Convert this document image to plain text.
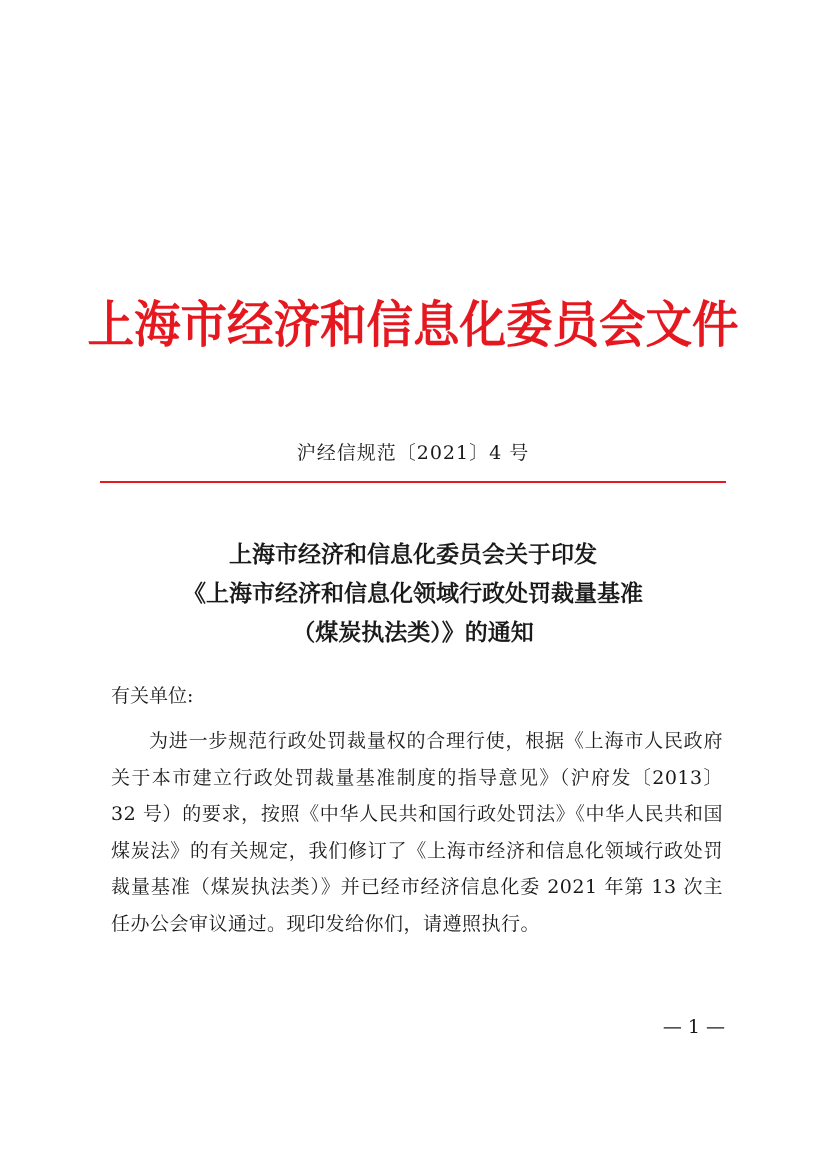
上海市经济和信息化委员会文件
沪经信规范〔2021〕4 号
上海市经济和信息化委员会关于印发
《上海市经济和信息化领域行政处罚裁量基准
（煤炭执法类）》的通知
有关单位:
为进一步规范行政处罚裁量权的合理行使，根据《上海市人民政府关于本市建立行政处罚裁量基准制度的指导意见》（沪府发〔2013〕32 号）的要求，按照《中华人民共和国行政处罚法》《中华人民共和国煤炭法》的有关规定，我们修订了《上海市经济和信息化领域行政处罚裁量基准（煤炭执法类）》并已经市经济信息化委 2021 年第 13 次主任办公会审议通过。现印发给你们，请遵照执行。
— 1 —
